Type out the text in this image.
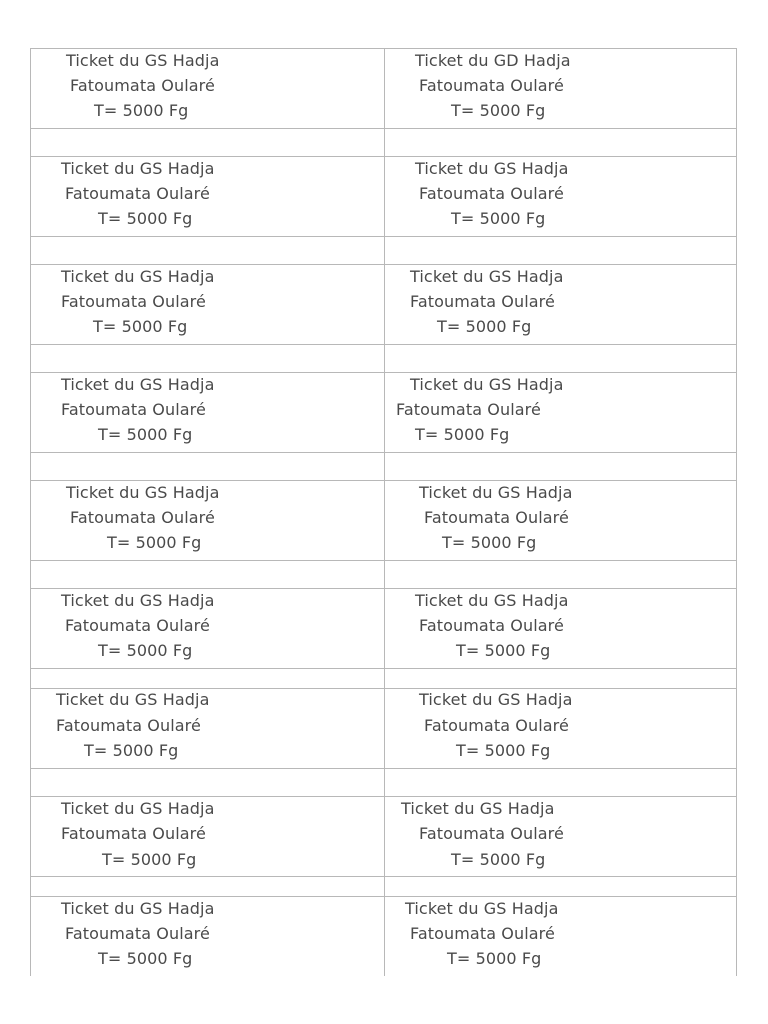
Ticket du GS Hadja
Fatoumata Oularé
T= 5000 Fg
Ticket du GD Hadja
Fatoumata Oularé
T= 5000 Fg
Ticket du GS Hadja
Fatoumata Oularé
T= 5000 Fg
Ticket du GS Hadja
Fatoumata Oularé
T= 5000 Fg
Ticket du GS Hadja
Fatoumata Oularé
T= 5000 Fg
Ticket du GS Hadja
Fatoumata Oularé
T= 5000 Fg
Ticket du GS Hadja
Fatoumata Oularé
T= 5000 Fg
Ticket du GS Hadja
Fatoumata Oularé
T= 5000 Fg
Ticket du GS Hadja
Fatoumata Oularé
T= 5000 Fg
Ticket du GS Hadja
Fatoumata Oularé
T= 5000 Fg
Ticket du GS Hadja
Fatoumata Oularé
T= 5000 Fg
Ticket du GS Hadja
Fatoumata Oularé
T= 5000 Fg
Ticket du GS Hadja
Fatoumata Oularé
T= 5000 Fg
Ticket du GS Hadja
Fatoumata Oularé
T= 5000 Fg
Ticket du GS Hadja
Fatoumata Oularé
T= 5000 Fg
Ticket du GS Hadja
Fatoumata Oularé
T= 5000 Fg
Ticket du GS Hadja
Fatoumata Oularé
T= 5000 Fg
Ticket du GS Hadja
Fatoumata Oularé
T= 5000 Fg
